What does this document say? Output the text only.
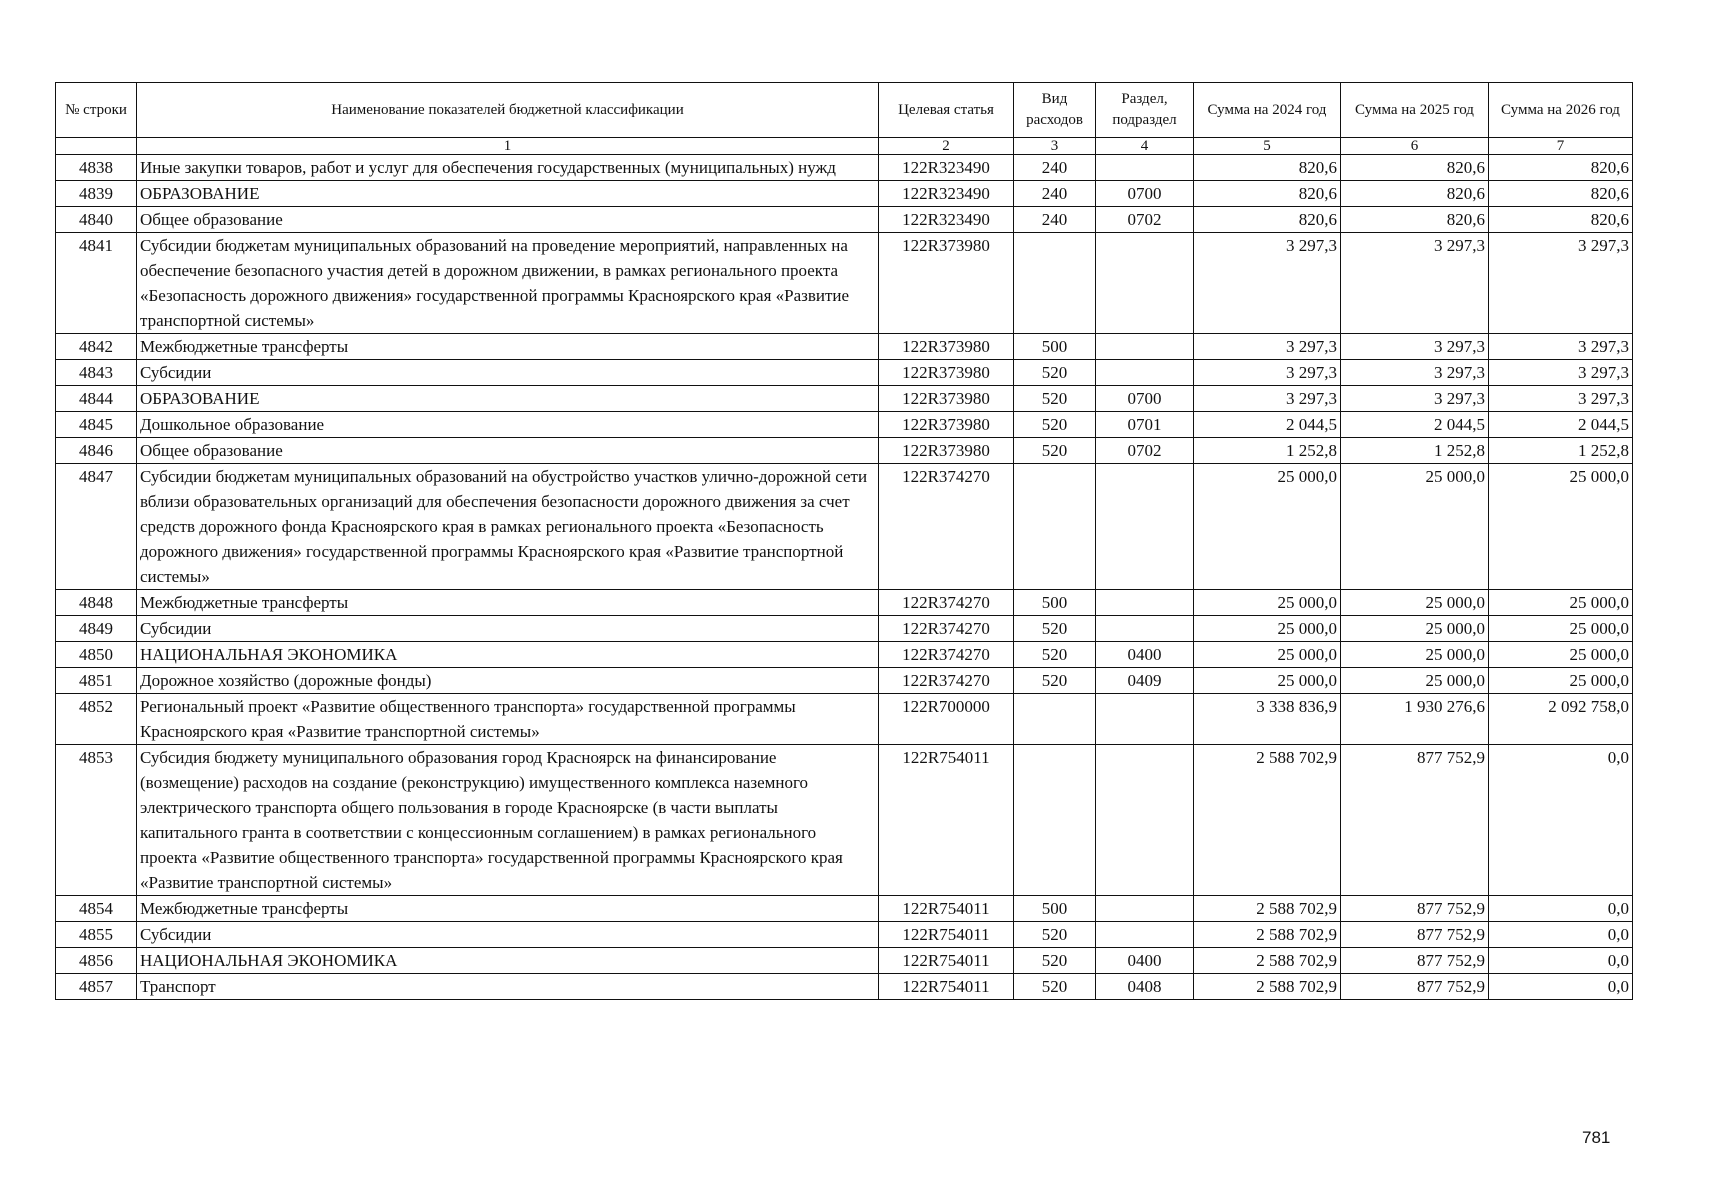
№ строки	Наименование показателей бюджетной классификации	Целевая статья	Вид расходов	Раздел, подраздел	Сумма на 2024 год	Сумма на 2025 год	Сумма на 2026 год
	1	2	3	4	5	6	7
4838	Иные закупки товаров, работ и услуг для обеспечения государственных (муниципальных) нужд	122R323490	240		820,6	820,6	820,6
4839	ОБРАЗОВАНИЕ	122R323490	240	0700	820,6	820,6	820,6
4840	Общее образование	122R323490	240	0702	820,6	820,6	820,6
4841	Субсидии бюджетам муниципальных образований на проведение мероприятий, направленных на обеспечение безопасного участия детей в дорожном движении, в рамках регионального проекта «Безопасность дорожного движения» государственной программы Красноярского края «Развитие транспортной системы»	122R373980			3 297,3	3 297,3	3 297,3
4842	Межбюджетные трансферты	122R373980	500		3 297,3	3 297,3	3 297,3
4843	Субсидии	122R373980	520		3 297,3	3 297,3	3 297,3
4844	ОБРАЗОВАНИЕ	122R373980	520	0700	3 297,3	3 297,3	3 297,3
4845	Дошкольное образование	122R373980	520	0701	2 044,5	2 044,5	2 044,5
4846	Общее образование	122R373980	520	0702	1 252,8	1 252,8	1 252,8
4847	Субсидии бюджетам муниципальных образований на обустройство участков улично-дорожной сети вблизи образовательных организаций для обеспечения безопасности дорожного движения за счет средств дорожного фонда Красноярского края в рамках регионального проекта «Безопасность дорожного движения» государственной программы Красноярского края «Развитие транспортной системы»	122R374270			25 000,0	25 000,0	25 000,0
4848	Межбюджетные трансферты	122R374270	500		25 000,0	25 000,0	25 000,0
4849	Субсидии	122R374270	520		25 000,0	25 000,0	25 000,0
4850	НАЦИОНАЛЬНАЯ ЭКОНОМИКА	122R374270	520	0400	25 000,0	25 000,0	25 000,0
4851	Дорожное хозяйство (дорожные фонды)	122R374270	520	0409	25 000,0	25 000,0	25 000,0
4852	Региональный проект «Развитие общественного транспорта» государственной программы Красноярского края «Развитие транспортной системы»	122R700000			3 338 836,9	1 930 276,6	2 092 758,0
4853	Субсидия бюджету муниципального образования город Красноярск на финансирование (возмещение) расходов на создание (реконструкцию) имущественного комплекса наземного электрического транспорта общего пользования в городе Красноярске (в части выплаты капитального гранта в соответствии с концессионным соглашением) в рамках регионального проекта «Развитие общественного транспорта» государственной программы Красноярского края «Развитие транспортной системы»	122R754011			2 588 702,9	877 752,9	0,0
4854	Межбюджетные трансферты	122R754011	500		2 588 702,9	877 752,9	0,0
4855	Субсидии	122R754011	520		2 588 702,9	877 752,9	0,0
4856	НАЦИОНАЛЬНАЯ ЭКОНОМИКА	122R754011	520	0400	2 588 702,9	877 752,9	0,0
4857	Транспорт	122R754011	520	0408	2 588 702,9	877 752,9	0,0
781
